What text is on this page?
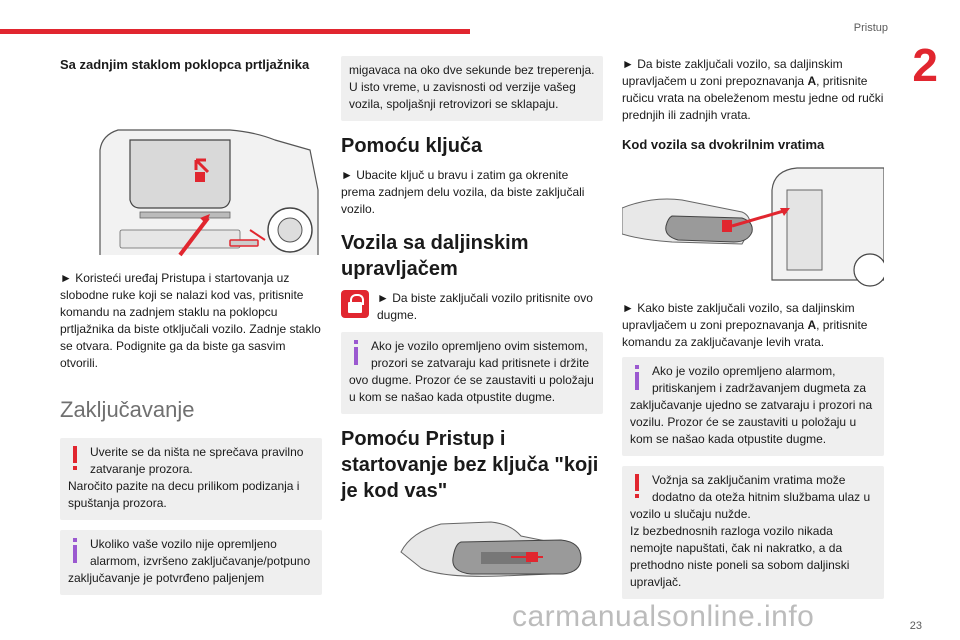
Pristup
2
23
carmanualsonline.info
Sa zadnjim staklom poklopca prtljažnika

► Koristeći uređaj Pristupa i startovanja uz slobodne ruke koji se nalazi kod vas, pritisnite komandu na zadnjem staklu na poklopcu prtljažnika da biste otključali vozilo. Zadnje staklo se otvara. Podignite ga da biste ga sasvim otvorili.

Zaključavanje

Uverite se da ništa ne sprečava pravilno zatvaranje prozora.

Naročito pazite na decu prilikom podizanja i spuštanja prozora.

Ukoliko vaše vozilo nije opremljeno alarmom, izvršeno zaključavanje/potpuno zaključavanje je potvrđeno paljenjem

migavaca na oko dve sekunde bez treperenja.

U isto vreme, u zavisnosti od verzije vašeg vozila, spoljašnji retrovizori se sklapaju.

Pomoću ključa

► Ubacite ključ u bravu i zatim ga okrenite prema zadnjem delu vozila, da biste zaključali vozilo.

Vozila sa daljinskim upravljačem
► Da biste zaključali vozilo pritisnite ovo dugme.

Ako je vozilo opremljeno ovim sistemom, prozori se zatvaraju kad pritisnete i držite ovo dugme. Prozor će se zaustaviti u položaju u kom se našao kada otpustite dugme.

Pomoću Pristup i startovanje bez ključa "koji je kod vas"

► Da biste zaključali vozilo, sa daljinskim upravljačem u zoni prepoznavanja A, pritisnite ručicu vrata na obeleženom mestu jedne od ručki prednjih ili zadnjih vrata.

Kod vozila sa dvokrilnim vratima

► Kako biste zaključali vozilo, sa daljinskim upravljačem u zoni prepoznavanja A, pritisnite komandu za zaključavanje levih vrata.

Ako je vozilo opremljeno alarmom, pritiskanjem i zadržavanjem dugmeta za zaključavanje ujedno se zatvaraju i prozori na vozilu. Prozor će se zaustaviti u položaju u kom se našao kada otpustite dugme.

Vožnja sa zaključanim vratima može dodatno da otežа hitnim službama ulaz u vozilo u slučaju nužde.

Iz bezbednosnih razloga vozilo nikada nemojte napuštati, čak ni nakratko, a da prethodno niste poneli sa sobom daljinski upravljač.
